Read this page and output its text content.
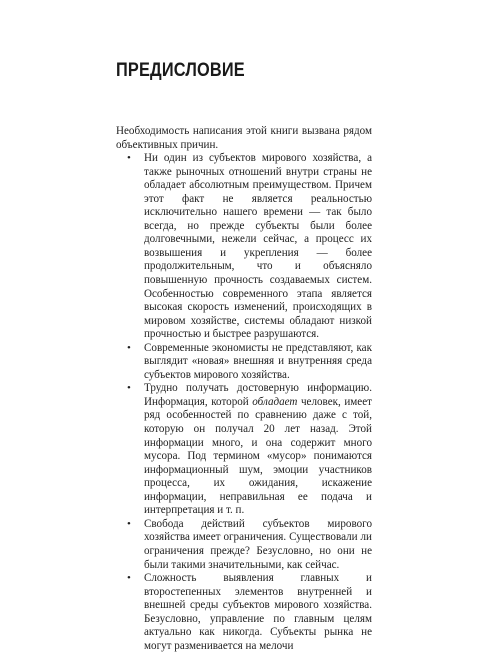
ПРЕДИСЛОВИЕ

Необходимость написания этой книги вызвана рядом объективных причин.

• Ни один из субъектов мирового хозяйства, а также рыночных отношений внутри страны не обладает абсолютным преимуществом. Причем этот факт не является реальностью исключительно нашего времени — так было всегда, но прежде субъекты были более долговечными, нежели сейчас, а процесс их возвышения и укрепления — более продолжительным, что и объясняло повышенную прочность создаваемых систем. Особенностью современного этапа является высокая скорость изменений, происходящих в мировом хозяйстве, системы обладают низкой прочностью и быстрее разрушаются.
• Современные экономисты не представляют, как выглядит «новая» внешняя и внутренняя среда субъектов мирового хозяйства.
• Трудно получать достоверную информацию. Информация, которой обладает человек, имеет ряд особенностей по сравнению даже с той, которую он получал 20 лет назад. Этой информации много, и она содержит много мусора. Под термином «мусор» понимаются информационный шум, эмоции участников процесса, их ожидания, искажение информации, неправильная ее подача и интерпретация и т. п.
• Свобода действий субъектов мирового хозяйства имеет ограничения. Существовали ли ограничения прежде? Безусловно, но они не были такими значительными, как сейчас.
• Сложность выявления главных и второстепенных элементов внутренней и внешней среды субъектов мирового хозяйства. Безусловно, управление по главным целям актуально как никогда. Субъекты рынка не могут разменивается на мелочи
